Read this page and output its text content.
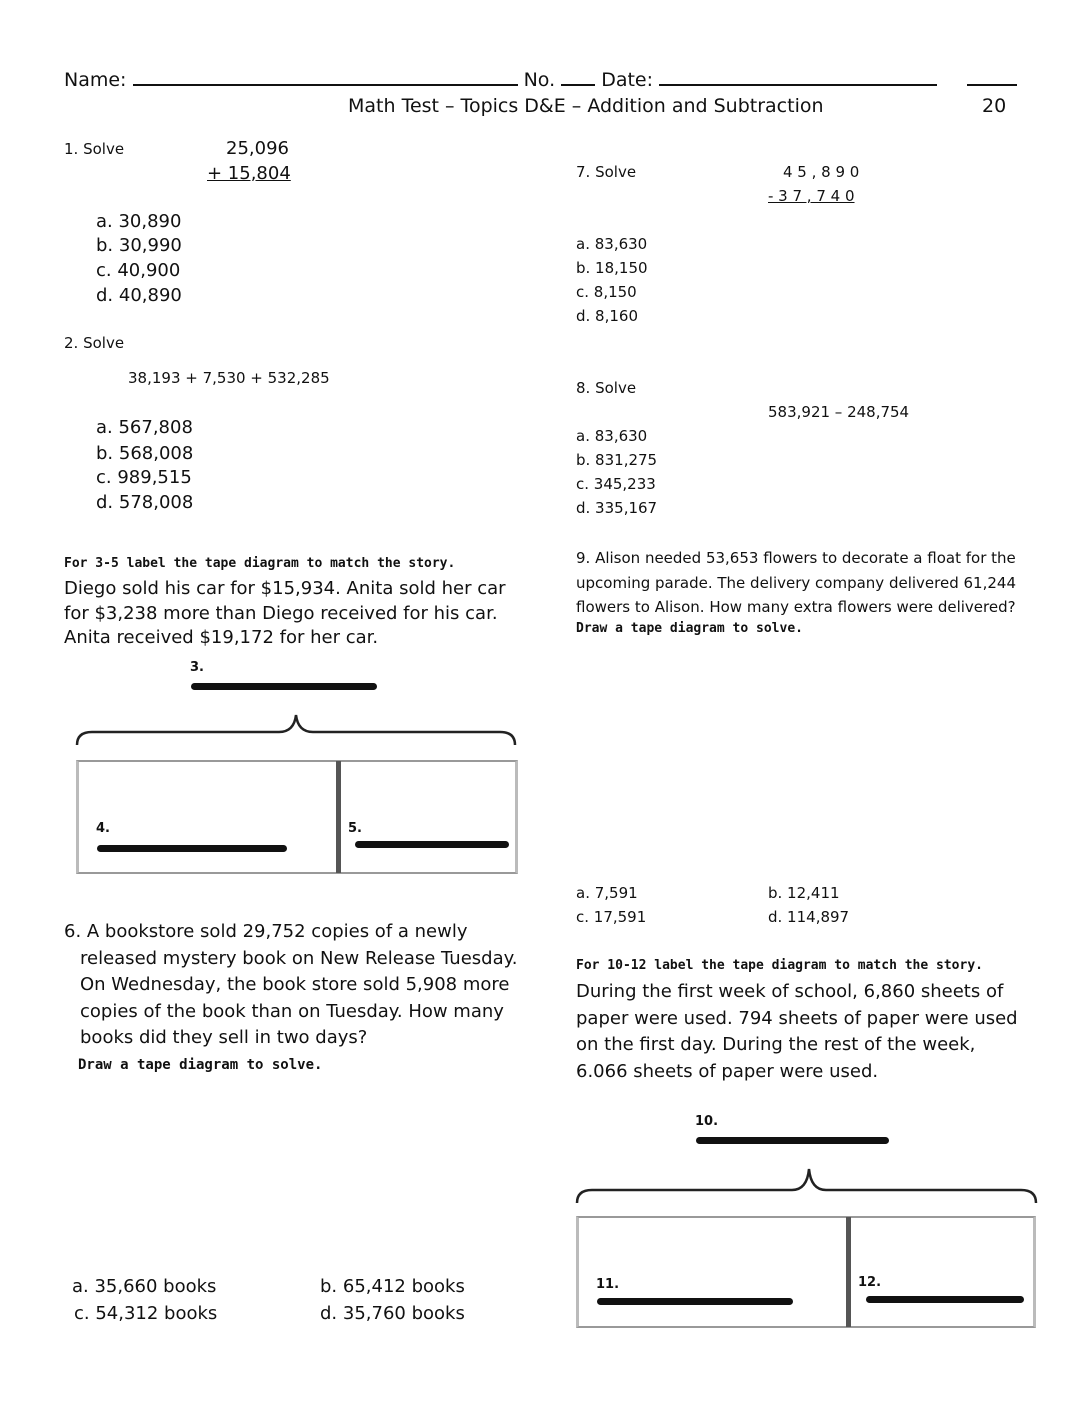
Name:	No. Date:
Math Test – Topics D&E – Addition and Subtraction	20
1. Solve	25,096
+ 15,804
a. 30,890
b. 30,990
c. 40,900
d. 40,890
2. Solve
38,193 + 7,530 + 532,285
a. 567,808
b. 568,008
c. 989,515
d. 578,008
For 3-5 label the tape diagram to match the story.
Diego sold his car for $15,934. Anita sold her car for $3,238 more than Diego received for his car. Anita received $19,172 for her car.
3.
4.	5.
6. A bookstore sold 29,752 copies of a newly released mystery book on New Release Tuesday. On Wednesday, the book store sold 5,908 more copies of the book than on Tuesday. How many books did they sell in two days?
Draw a tape diagram to solve.
a. 35,660 books	b. 65,412 books
c. 54,312 books	d. 35,760 books
7. Solve	4 5 , 8 9 0
- 3 7 , 7 4 0
a. 83,630
b. 18,150
c. 8,150
d. 8,160
8. Solve
583,921 – 248,754
a. 83,630
b. 831,275
c. 345,233
d. 335,167
9. Alison needed 53,653 flowers to decorate a float for the upcoming parade. The delivery company delivered 61,244 flowers to Alison. How many extra flowers were delivered?
Draw a tape diagram to solve.
a. 7,591	b. 12,411
c. 17,591	d. 114,897
For 10-12 label the tape diagram to match the story.
During the first week of school, 6,860 sheets of paper were used. 794 sheets of paper were used on the first day. During the rest of the week, 6.066 sheets of paper were used.
10.
11.	12.
